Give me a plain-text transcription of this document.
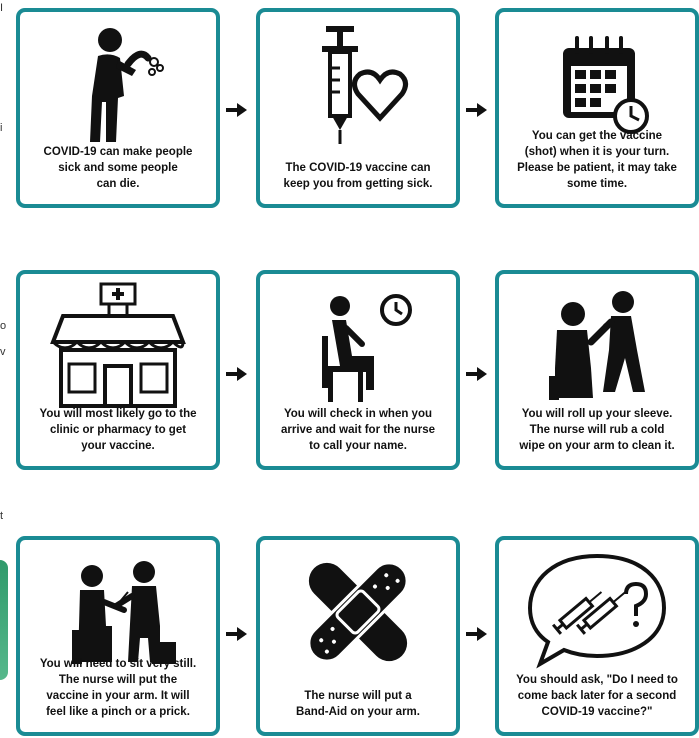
I
i
o
v
t
COVID-19 can make people
sick and some people
can die.
The COVID-19 vaccine can
keep you from getting sick.
You can get the vaccine
(shot) when it is your turn.
Please be patient, it may take
some time.
You will most likely go to the
clinic or pharmacy to get
your vaccine.
You will check in when you
arrive and wait for the nurse
to call your name.
You will roll up your sleeve.
The nurse will rub a cold
wipe on your arm to clean it.
You will need to sit very still.
The nurse will put the
vaccine in your arm. It will
feel like a pinch or a prick.
The nurse will put a
Band-Aid on your arm.
You should ask, "Do I need to
come back later for a second
COVID-19 vaccine?"
